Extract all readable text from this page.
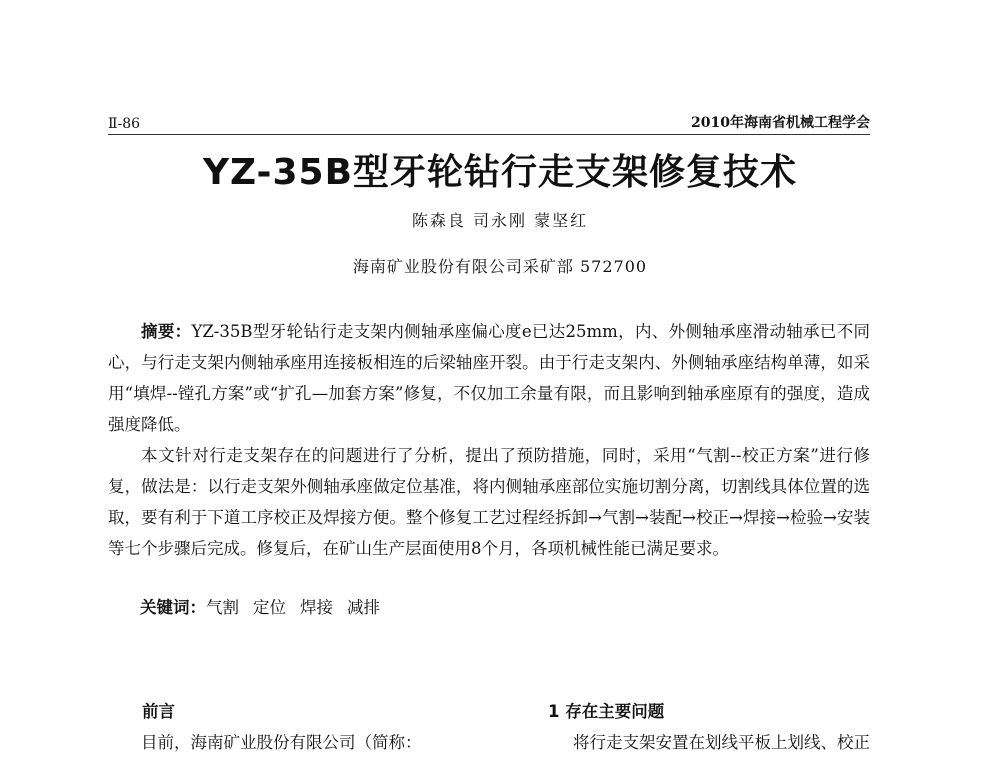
Ⅱ-86	2010年海南省机械工程学会
YZ-35B型牙轮钻行走支架修复技术
陈森良 司永刚 蒙坚红
海南矿业股份有限公司采矿部 572700

摘要：YZ-35B型牙轮钻行走支架内侧轴承座偏心度e已达25mm，内、外侧轴承座滑动轴承已不同心，与行走支架内侧轴承座用连接板相连的后梁轴座开裂。由于行走支架内、外侧轴承座结构单薄，如采用“填焊--镗孔方案”或“扩孔—加套方案”修复，不仅加工余量有限，而且影响到轴承座原有的强度，造成强度降低。

本文针对行走支架存在的问题进行了分析，提出了预防措施，同时，采用“气割--校正方案”进行修复，做法是：以行走支架外侧轴承座做定位基准，将内侧轴承座部位实施切割分离，切割线具体位置的选取，要有利于下道工序校正及焊接方便。整个修复工艺过程经拆卸→气割→装配→校正→焊接→检验→安装等七个步骤后完成。修复后，在矿山生产层面使用8个月，各项机械性能已满足要求。

关键词：气割 定位 焊接 减排
前言

目前，海南矿业股份有限公司（简称：

1 存在主要问题

将行走支架安置在划线平板上划线、校正
